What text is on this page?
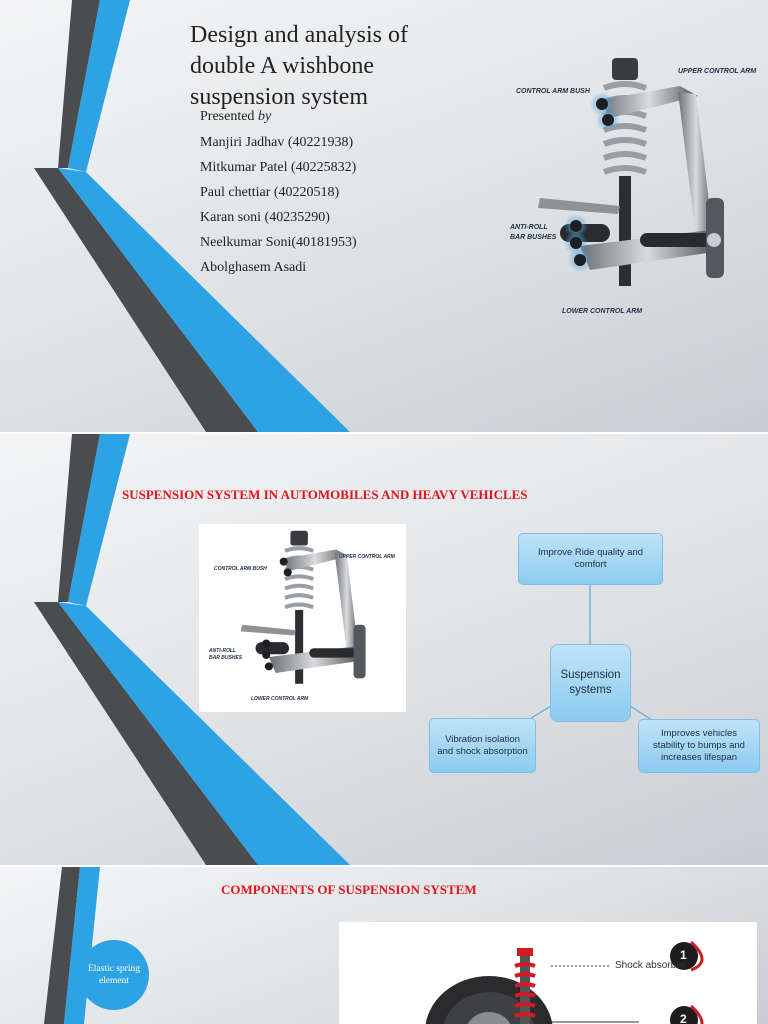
Design and analysis of double A wishbone suspension system
Presented by
Manjiri Jadhav (40221938)
Mitkumar Patel (40225832)
Paul chettiar (40220518)
Karan soni (40235290)
Neelkumar Soni(40181953)
Abolghasem Asadi
CONTROL ARM BUSH
UPPER CONTROL ARM
ANTI-ROLL
BAR BUSHES
LOWER CONTROL ARM
SUSPENSION SYSTEM IN AUTOMOBILES AND HEAVY VEHICLES
CONTROL ARM BUSH
UPPER CONTROL ARM
ANTI-ROLL
BAR BUSHES
LOWER CONTROL ARM
Improve Ride quality and comfort
Suspension systems
Vibration isolation and shock absorption
Improves vehicles stability to bumps and increases lifespan
COMPONENTS OF SUSPENSION SYSTEM
Elastic spring element
Shock absorber
1
2
